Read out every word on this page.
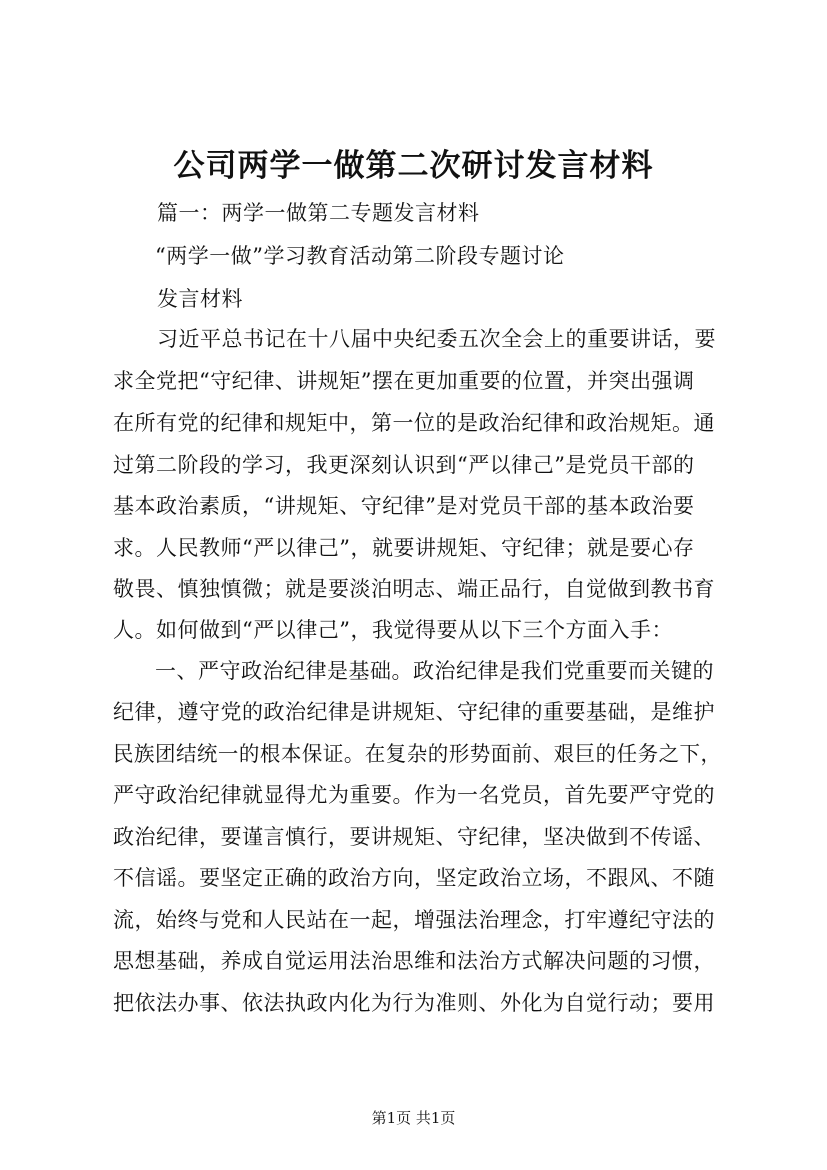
公司两学一做第二次研讨发言材料
篇一：两学一做第二专题发言材料
“两学一做”学习教育活动第二阶段专题讨论
发言材料
习近平总书记在十八届中央纪委五次全会上的重要讲话，要
求全党把“守纪律、讲规矩”摆在更加重要的位置，并突出强调
在所有党的纪律和规矩中，第一位的是政治纪律和政治规矩。通
过第二阶段的学习，我更深刻认识到“严以律己”是党员干部的
基本政治素质，“讲规矩、守纪律”是对党员干部的基本政治要
求。人民教师“严以律己”，就要讲规矩、守纪律；就是要心存
敬畏、慎独慎微；就是要淡泊明志、端正品行，自觉做到教书育
人。如何做到“严以律己”，我觉得要从以下三个方面入手：
一、严守政治纪律是基础。政治纪律是我们党重要而关键的
纪律，遵守党的政治纪律是讲规矩、守纪律的重要基础，是维护
民族团结统一的根本保证。在复杂的形势面前、艰巨的任务之下，
严守政治纪律就显得尤为重要。作为一名党员，首先要严守党的
政治纪律，要谨言慎行，要讲规矩、守纪律，坚决做到不传谣、
不信谣。要坚定正确的政治方向，坚定政治立场，不跟风、不随
流，始终与党和人民站在一起，增强法治理念，打牢遵纪守法的
思想基础，养成自觉运用法治思维和法治方式解决问题的习惯，
把依法办事、依法执政内化为行为准则、外化为自觉行动；要用
第1页 共1页
